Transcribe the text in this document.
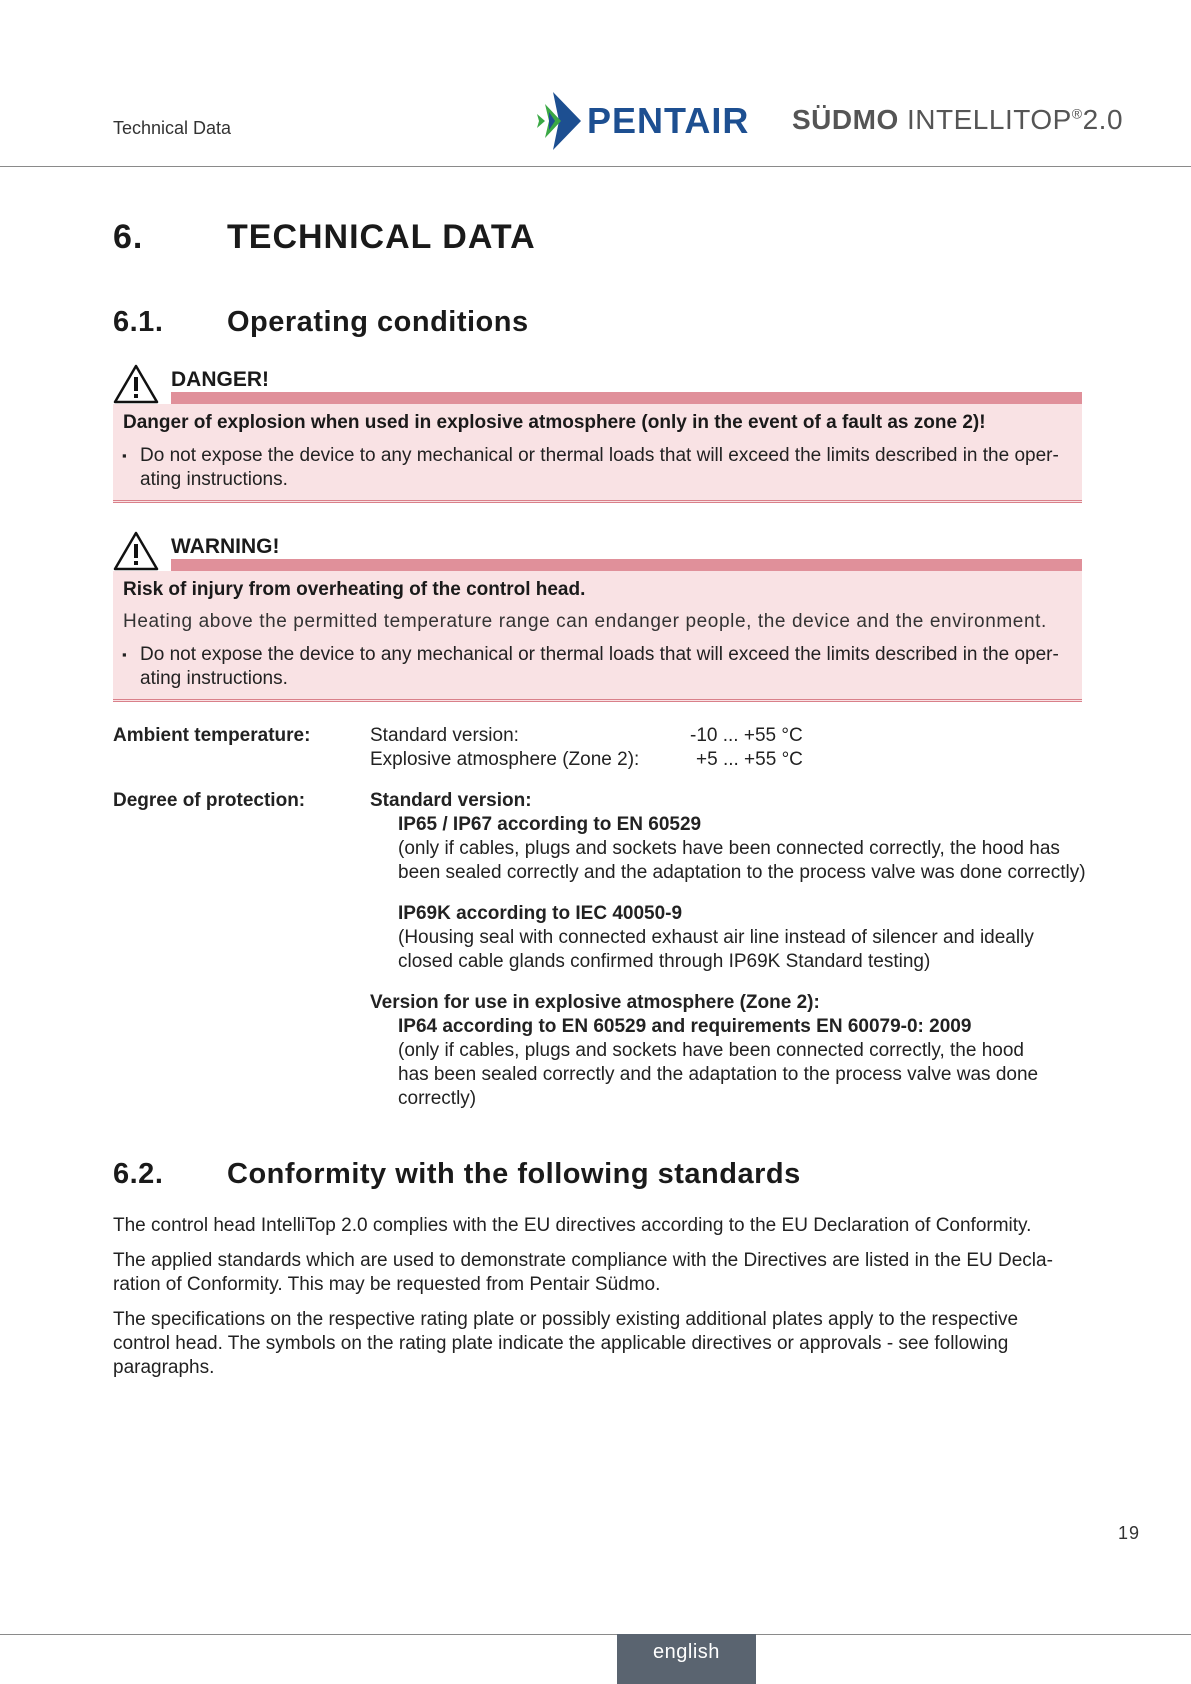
Technical Data	PENTAIR SÜDMO INTELLITOP®2.0
6. TECHNICAL DATA
6.1. Operating conditions
DANGER!
Danger of explosion when used in explosive atmosphere (only in the event of a fault as zone 2)!
▪ Do not expose the device to any mechanical or thermal loads that will exceed the limits described in the oper-
ating instructions.
WARNING!
Risk of injury from overheating of the control head.
Heating above the permitted temperature range can endanger people, the device and the environment.
▪ Do not expose the device to any mechanical or thermal loads that will exceed the limits described in the oper-
ating instructions.
Ambient temperature:	Standard version:	-10 ... +55 °C
Explosive atmosphere (Zone 2):	+5 ... +55 °C
Degree of protection:	Standard version:
IP65 / IP67 according to EN 60529
(only if cables, plugs and sockets have been connected correctly, the hood has
been sealed correctly and the adaptation to the process valve was done correctly)
IP69K according to IEC 40050-9
(Housing seal with connected exhaust air line instead of silencer and ideally
closed cable glands confirmed through IP69K Standard testing)
Version for use in explosive atmosphere (Zone 2):
IP64 according to EN 60529 and requirements EN 60079-0: 2009
(only if cables, plugs and sockets have been connected correctly, the hood
has been sealed correctly and the adaptation to the process valve was done
correctly)
6.2. Conformity with the following standards
The control head IntelliTop 2.0 complies with the EU directives according to the EU Declaration of Conformity.
The applied standards which are used to demonstrate compliance with the Directives are listed in the EU Decla-
ration of Conformity. This may be requested from Pentair Südmo.
The specifications on the respective rating plate or possibly existing additional plates apply to the respective
control head. The symbols on the rating plate indicate the applicable directives or approvals - see following
paragraphs.
19
english
